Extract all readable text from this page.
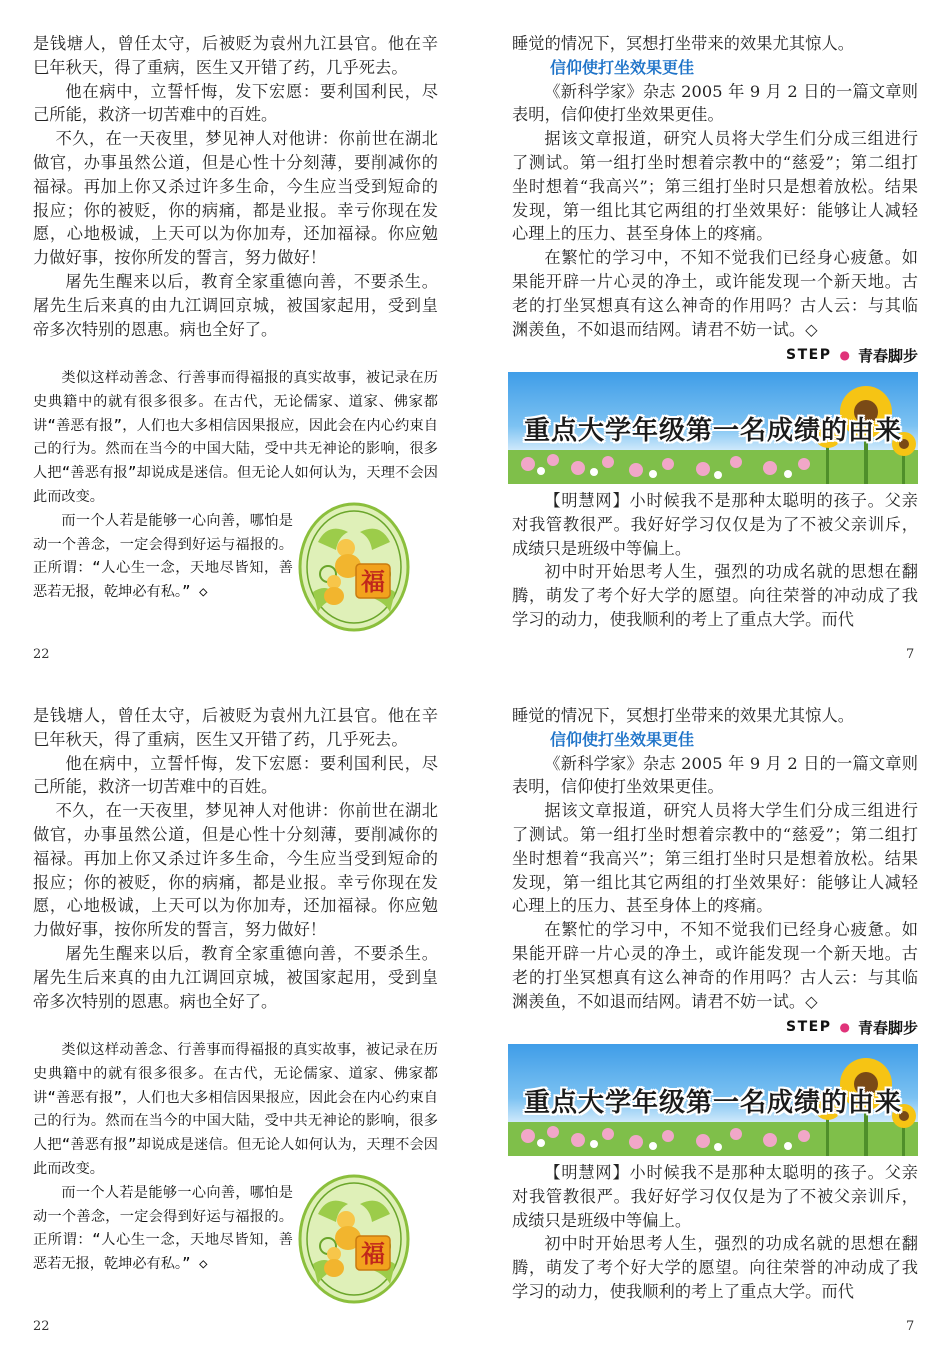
是钱塘人，曾任太守，后被贬为袁州九江县官。他在辛巳年秋天，得了重病，医生又开错了药，几乎死去。

他在病中，立誓忏悔，发下宏愿：要利国利民，尽己所能，救济一切苦难中的百姓。

不久，在一天夜里，梦见神人对他讲：你前世在湖北做官，办事虽然公道，但是心性十分刻薄，要削减你的福禄。再加上你又杀过许多生命，今生应当受到短命的报应；你的被贬，你的病痛，都是业报。幸亏你现在发愿，心地极诚，上天可以为你加寿，还加福禄。你应勉力做好事，按你所发的誓言，努力做好！

屠先生醒来以后，教育全家重德向善，不要杀生。屠先生后来真的由九江调回京城，被国家起用，受到皇帝多次特别的恩惠。病也全好了。

类似这样动善念、行善事而得福报的真实故事，被记录在历史典籍中的就有很多很多。在古代，无论儒家、道家、佛家都讲“善恶有报”，人们也大多相信因果报应，因此会在内心约束自己的行为。然而在当今的中国大陆，受中共无神论的影响，很多人把“善恶有报”却说成是迷信。但无论人如何认为，天理不会因此而改变。

而一个人若是能够一心向善，哪怕是动一个善念，一定会得到好运与福报的。正所谓：“人心生一念，天地尽皆知，善恶若无报，乾坤必有私。” ◇	福
22

睡觉的情况下，冥想打坐带来的效果尤其惊人。

信仰使打坐效果更佳

《新科学家》杂志 2005 年 9 月 2 日的一篇文章则表明，信仰使打坐效果更佳。

据该文章报道，研究人员将大学生们分成三组进行了测试。第一组打坐时想着宗教中的“慈爱”；第二组打坐时想着“我高兴”；第三组打坐时只是想着放松。结果发现，第一组比其它两组的打坐效果好：能够让人减轻心理上的压力、甚至身体上的疼痛。

在繁忙的学习中，不知不觉我们已经身心疲惫。如果能开辟一片心灵的净土，或许能发现一个新天地。古老的打坐冥想真有这么神奇的作用吗？古人云：与其临渊羡鱼，不如退而结网。请君不妨一试。◇

STEP ● 青春脚步
重点大学年级第一名成绩的由来

【明慧网】小时候我不是那种太聪明的孩子。父亲对我管教很严。我好好学习仅仅是为了不被父亲训斥，成绩只是班级中等偏上。

初中时开始思考人生，强烈的功成名就的思想在翻腾，萌发了考个好大学的愿望。向往荣誉的冲动成了我学习的动力，使我顺利的考上了重点大学。而代

7

是钱塘人，曾任太守，后被贬为袁州九江县官。他在辛巳年秋天，得了重病，医生又开错了药，几乎死去。

他在病中，立誓忏悔，发下宏愿：要利国利民，尽己所能，救济一切苦难中的百姓。

不久，在一天夜里，梦见神人对他讲：你前世在湖北做官，办事虽然公道，但是心性十分刻薄，要削减你的福禄。再加上你又杀过许多生命，今生应当受到短命的报应；你的被贬，你的病痛，都是业报。幸亏你现在发愿，心地极诚，上天可以为你加寿，还加福禄。你应勉力做好事，按你所发的誓言，努力做好！

屠先生醒来以后，教育全家重德向善，不要杀生。屠先生后来真的由九江调回京城，被国家起用，受到皇帝多次特别的恩惠。病也全好了。

类似这样动善念、行善事而得福报的真实故事，被记录在历史典籍中的就有很多很多。在古代，无论儒家、道家、佛家都讲“善恶有报”，人们也大多相信因果报应，因此会在内心约束自己的行为。然而在当今的中国大陆，受中共无神论的影响，很多人把“善恶有报”却说成是迷信。但无论人如何认为，天理不会因此而改变。

而一个人若是能够一心向善，哪怕是动一个善念，一定会得到好运与福报的。正所谓：“人心生一念，天地尽皆知，善恶若无报，乾坤必有私。” ◇	福
22

睡觉的情况下，冥想打坐带来的效果尤其惊人。

信仰使打坐效果更佳

《新科学家》杂志 2005 年 9 月 2 日的一篇文章则表明，信仰使打坐效果更佳。

据该文章报道，研究人员将大学生们分成三组进行了测试。第一组打坐时想着宗教中的“慈爱”；第二组打坐时想着“我高兴”；第三组打坐时只是想着放松。结果发现，第一组比其它两组的打坐效果好：能够让人减轻心理上的压力、甚至身体上的疼痛。

在繁忙的学习中，不知不觉我们已经身心疲惫。如果能开辟一片心灵的净土，或许能发现一个新天地。古老的打坐冥想真有这么神奇的作用吗？古人云：与其临渊羡鱼，不如退而结网。请君不妨一试。◇

STEP ● 青春脚步
重点大学年级第一名成绩的由来

【明慧网】小时候我不是那种太聪明的孩子。父亲对我管教很严。我好好学习仅仅是为了不被父亲训斥，成绩只是班级中等偏上。

初中时开始思考人生，强烈的功成名就的思想在翻腾，萌发了考个好大学的愿望。向往荣誉的冲动成了我学习的动力，使我顺利的考上了重点大学。而代

7
